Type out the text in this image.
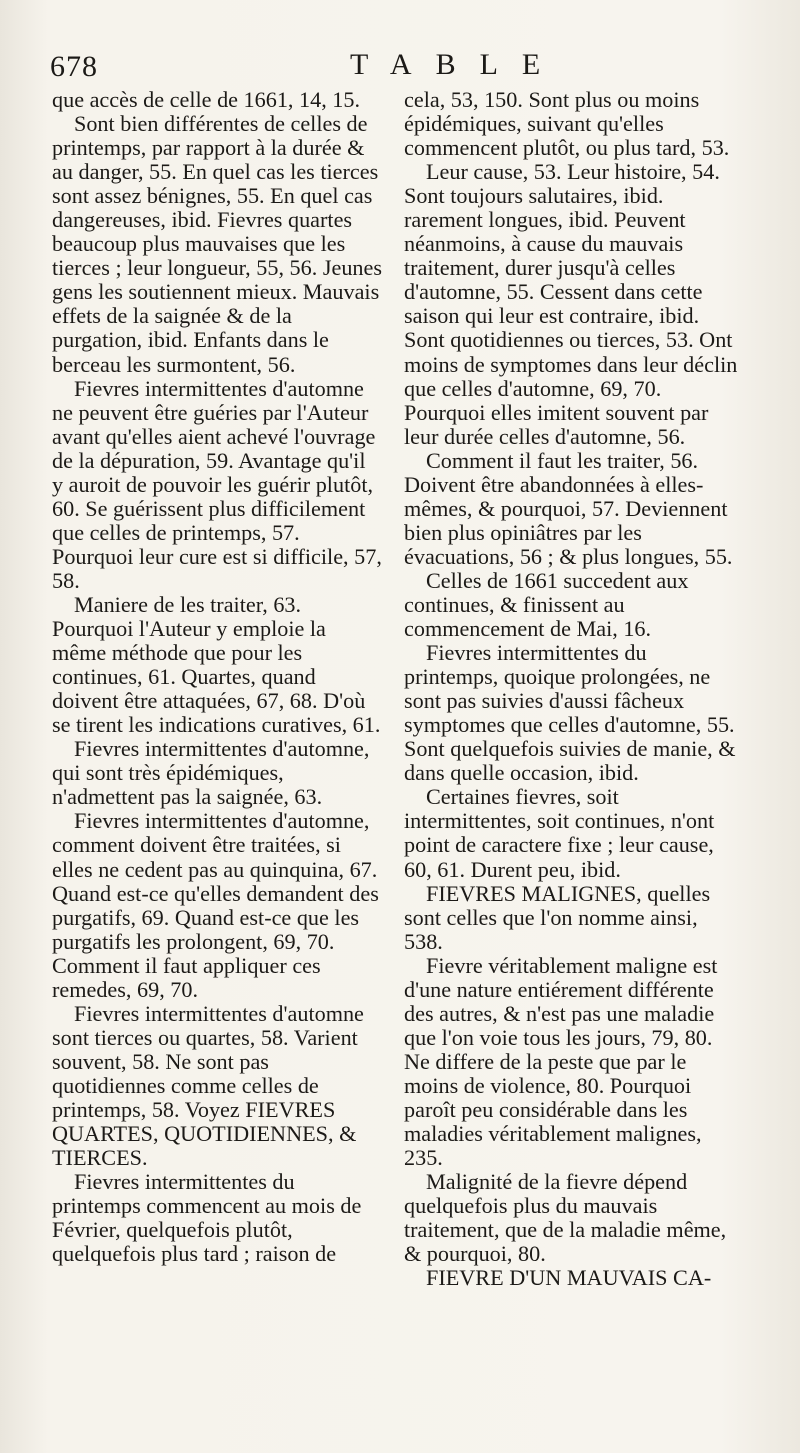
678	TABLE

que accès de celle de 1661, 14, 15.

Sont bien différentes de celles de printemps, par rapport à la durée & au danger, 55. En quel cas les tierces sont assez bénignes, 55. En quel cas dangereuses, ibid. Fievres quartes beaucoup plus mauvaises que les tierces ; leur longueur, 55, 56. Jeunes gens les soutiennent mieux. Mauvais effets de la saignée & de la purgation, ibid. Enfants dans le berceau les surmontent, 56.

Fievres intermittentes d'automne ne peuvent être guéries par l'Auteur avant qu'elles aient achevé l'ouvrage de la dépuration, 59. Avantage qu'il y auroit de pouvoir les guérir plutôt, 60. Se guérissent plus difficilement que celles de printemps, 57. Pourquoi leur cure est si difficile, 57, 58.

Maniere de les traiter, 63. Pourquoi l'Auteur y emploie la même méthode que pour les continues, 61. Quartes, quand doivent être attaquées, 67, 68. D'où se tirent les indications curatives, 61.

Fievres intermittentes d'automne, qui sont très épidémiques, n'admettent pas la saignée, 63.

Fievres intermittentes d'automne, comment doivent être traitées, si elles ne cedent pas au quinquina, 67. Quand est-ce qu'elles demandent des purgatifs, 69. Quand est-ce que les purgatifs les prolongent, 69, 70. Comment il faut appliquer ces remedes, 69, 70.

Fievres intermittentes d'automne sont tierces ou quartes, 58. Varient souvent, 58. Ne sont pas quotidiennes comme celles de printemps, 58. Voyez FIEVRES QUARTES, QUOTIDIENNES, & TIERCES.

Fievres intermittentes du printemps commencent au mois de Février, quelquefois plutôt, quelquefois plus tard ; raison de

cela, 53, 150. Sont plus ou moins épidémiques, suivant qu'elles commencent plutôt, ou plus tard, 53.

Leur cause, 53. Leur histoire, 54. Sont toujours salutaires, ibid. rarement longues, ibid. Peuvent néanmoins, à cause du mauvais traitement, durer jusqu'à celles d'automne, 55. Cessent dans cette saison qui leur est contraire, ibid. Sont quotidiennes ou tierces, 53. Ont moins de symptomes dans leur déclin que celles d'automne, 69, 70. Pourquoi elles imitent souvent par leur durée celles d'automne, 56.

Comment il faut les traiter, 56. Doivent être abandonnées à elles-mêmes, & pourquoi, 57. Deviennent bien plus opiniâtres par les évacuations, 56 ; & plus longues, 55.

Celles de 1661 succedent aux continues, & finissent au commencement de Mai, 16.

Fievres intermittentes du printemps, quoique prolongées, ne sont pas suivies d'aussi fâcheux symptomes que celles d'automne, 55. Sont quelquefois suivies de manie, & dans quelle occasion, ibid.

Certaines fievres, soit intermittentes, soit continues, n'ont point de caractere fixe ; leur cause, 60, 61. Durent peu, ibid.

FIEVRES MALIGNES, quelles sont celles que l'on nomme ainsi, 538.

Fievre véritablement maligne est d'une nature entiérement différente des autres, & n'est pas une maladie que l'on voie tous les jours, 79, 80. Ne differe de la peste que par le moins de violence, 80. Pourquoi paroît peu considérable dans les maladies véritablement malignes, 235.

Malignité de la fievre dépend quelquefois plus du mauvais traitement, que de la maladie même, & pourquoi, 80.

FIEVRE D'UN MAUVAIS CA-
